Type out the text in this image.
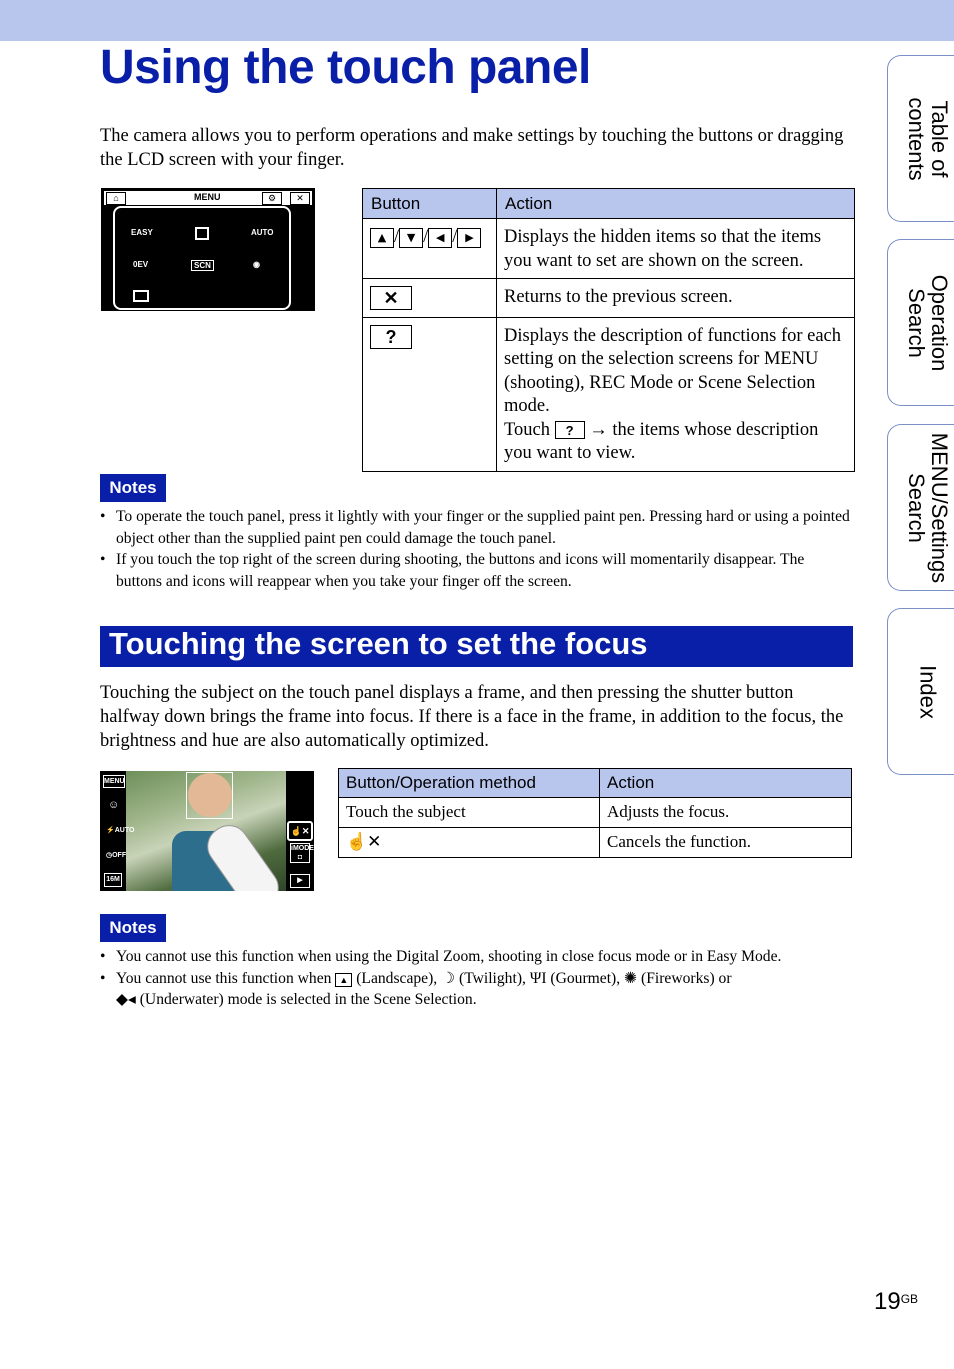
Using the touch panel

The camera allows you to perform operations and make settings by touching the buttons or dragging the LCD screen with your finger.

⌂	MENU	⚙	✕
EASY	AUTO
0EV	SCN	◉
Button	Action
▲ / ▼ / ◀ / ▶	Displays the hidden items so that the items you want to set are shown on the screen.
✕	Returns to the previous screen.
?	Displays the description of functions for each setting on the selection screens for MENU (shooting), REC Mode or Scene Selection mode.
Touch ? → the items whose description you want to view.
Notes
• To operate the touch panel, press it lightly with your finger or the supplied paint pen. Pressing hard or using a pointed object other than the supplied paint pen could damage the touch panel.
• If you touch the top right of the screen during shooting, the buttons and icons will momentarily disappear. The buttons and icons will reappear when you take your finger off the screen.
Touching the screen to set the focus

Touching the subject on the touch panel displays a frame, and then pressing the shutter button halfway down brings the frame into focus. If there is a face in the frame, in addition to the focus, the brightness and hue are also automatically optimized.

MENU
☺
⚡AUTO
◷OFF
16M
☝✕
iMODE
◘
▶
Button/Operation method	Action
Touch the subject	Adjusts the focus.
☝✕	Cancels the function.
Notes
• You cannot use this function when using the Digital Zoom, shooting in close focus mode or in Easy Mode.
• You cannot use this function when ▲ (Landscape), ☽ (Twilight), ΨΙ (Gourmet), ✺ (Fireworks) or
◆◂ (Underwater) mode is selected in the Scene Selection.
Table of
contents
Operation
Search
MENU/Settings
Search
Index
$19^{GB}$
